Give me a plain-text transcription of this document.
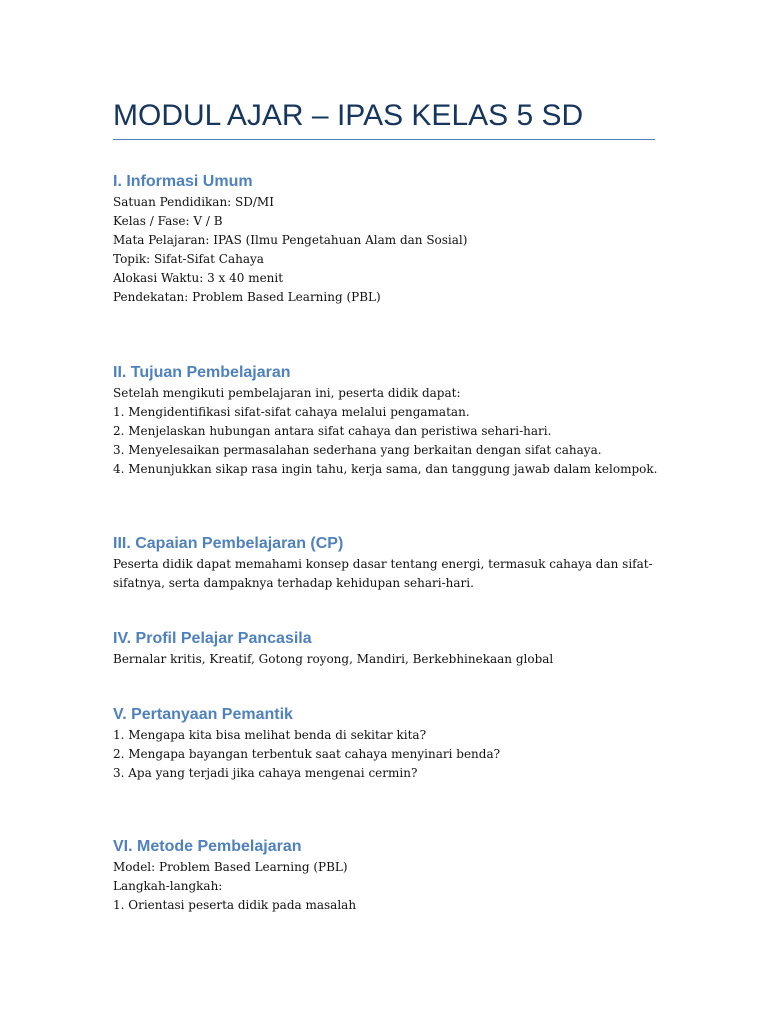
MODUL AJAR – IPAS KELAS 5 SD
I. Informasi Umum
Satuan Pendidikan: SD/MI
Kelas / Fase: V / B
Mata Pelajaran: IPAS (Ilmu Pengetahuan Alam dan Sosial)
Topik: Sifat-Sifat Cahaya
Alokasi Waktu: 3 x 40 menit
Pendekatan: Problem Based Learning (PBL)
II. Tujuan Pembelajaran
Setelah mengikuti pembelajaran ini, peserta didik dapat:
1. Mengidentifikasi sifat-sifat cahaya melalui pengamatan.
2. Menjelaskan hubungan antara sifat cahaya dan peristiwa sehari-hari.
3. Menyelesaikan permasalahan sederhana yang berkaitan dengan sifat cahaya.
4. Menunjukkan sikap rasa ingin tahu, kerja sama, dan tanggung jawab dalam kelompok.
III. Capaian Pembelajaran (CP)
Peserta didik dapat memahami konsep dasar tentang energi, termasuk cahaya dan sifat-
sifatnya, serta dampaknya terhadap kehidupan sehari-hari.
IV. Profil Pelajar Pancasila
Bernalar kritis, Kreatif, Gotong royong, Mandiri, Berkebhinekaan global
V. Pertanyaan Pemantik
1. Mengapa kita bisa melihat benda di sekitar kita?
2. Mengapa bayangan terbentuk saat cahaya menyinari benda?
3. Apa yang terjadi jika cahaya mengenai cermin?
VI. Metode Pembelajaran
Model: Problem Based Learning (PBL)
Langkah-langkah:
1. Orientasi peserta didik pada masalah
